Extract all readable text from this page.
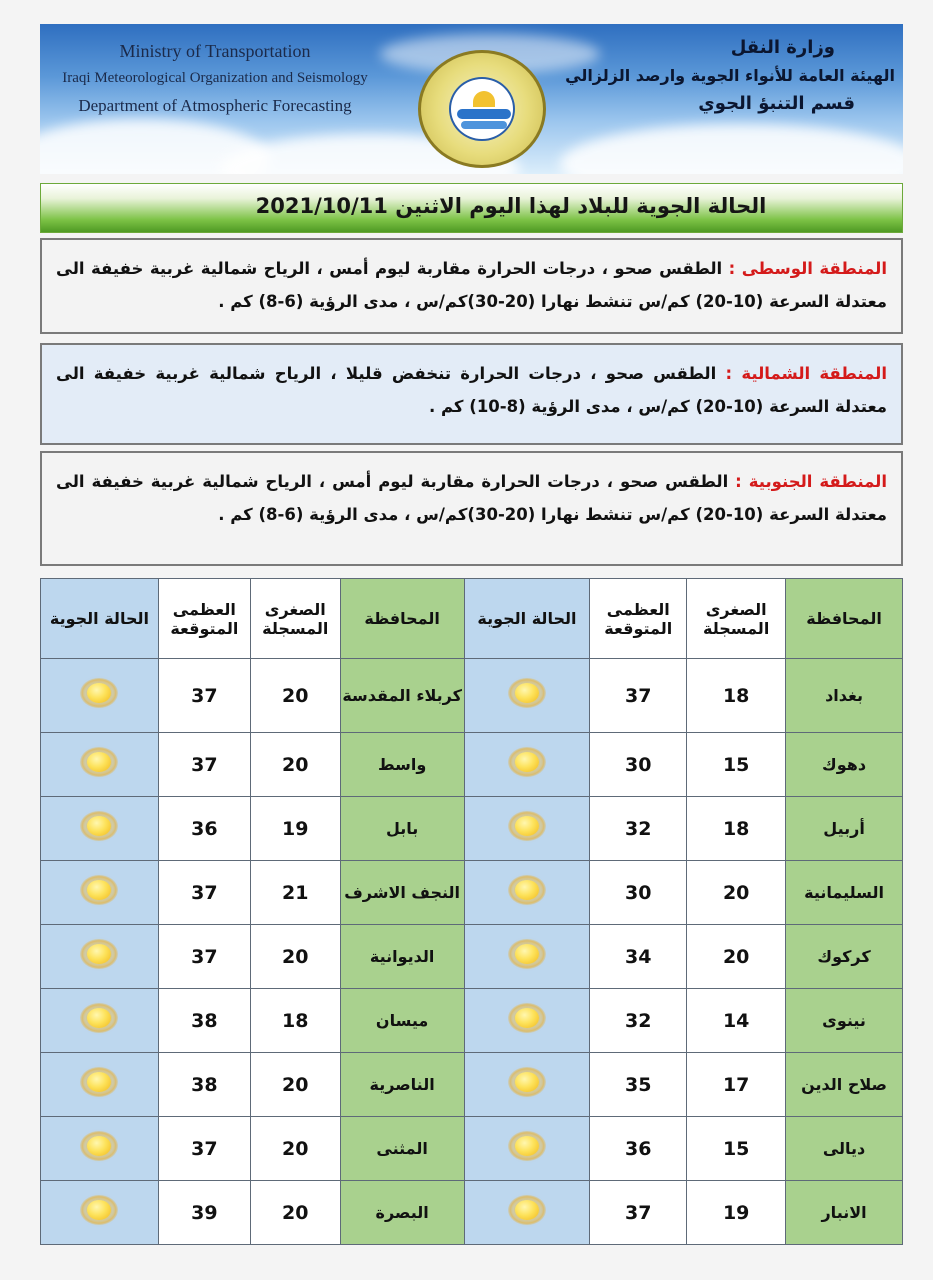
Ministry of Transportation
Iraqi Meteorological Organization and Seismology
Department of Atmospheric Forecasting
وزارة النقل
الهيئة العامة للأنواء الجوية وارصد الزلزالي
قسم التنبؤ الجوي
الحالة الجوية للبلاد لهذا اليوم الاثنين 2021/10/11
المنطقة الوسطى : الطقس صحو ، درجات الحرارة مقاربة ليوم أمس ، الرياح شمالية غربية خفيفة الى معتدلة السرعة (10-20) كم/س تنشط نهارا (20-30)كم/س ، مدى الرؤية (6-8) كم .
المنطقة الشمالية : الطقس صحو ، درجات الحرارة تنخفض قليلا ، الرياح شمالية غربية خفيفة الى معتدلة السرعة (10-20) كم/س ، مدى الرؤية (8-10) كم .
المنطقة الجنوبية : الطقس صحو ، درجات الحرارة مقاربة ليوم أمس ، الرياح شمالية غربية خفيفة الى معتدلة السرعة (10-20) كم/س تنشط نهارا (20-30)كم/س ، مدى الرؤية (6-8) كم .
المحافظة	الصغرى المسجلة	العظمى المتوقعة	الحالة الجوية	المحافظة	الصغرى المسجلة	العظمى المتوقعة	الحالة الجوية
بغداد	18	37		كربلاء المقدسة	20	37	
دهوك	15	30		واسط	20	37	
أربيل	18	32		بابل	19	36	
السليمانية	20	30		النجف الاشرف	21	37	
كركوك	20	34		الديوانية	20	37	
نينوى	14	32		ميسان	18	38	
صلاح الدين	17	35		الناصرية	20	38	
ديالى	15	36		المثنى	20	37	
الانبار	19	37		البصرة	20	39	
